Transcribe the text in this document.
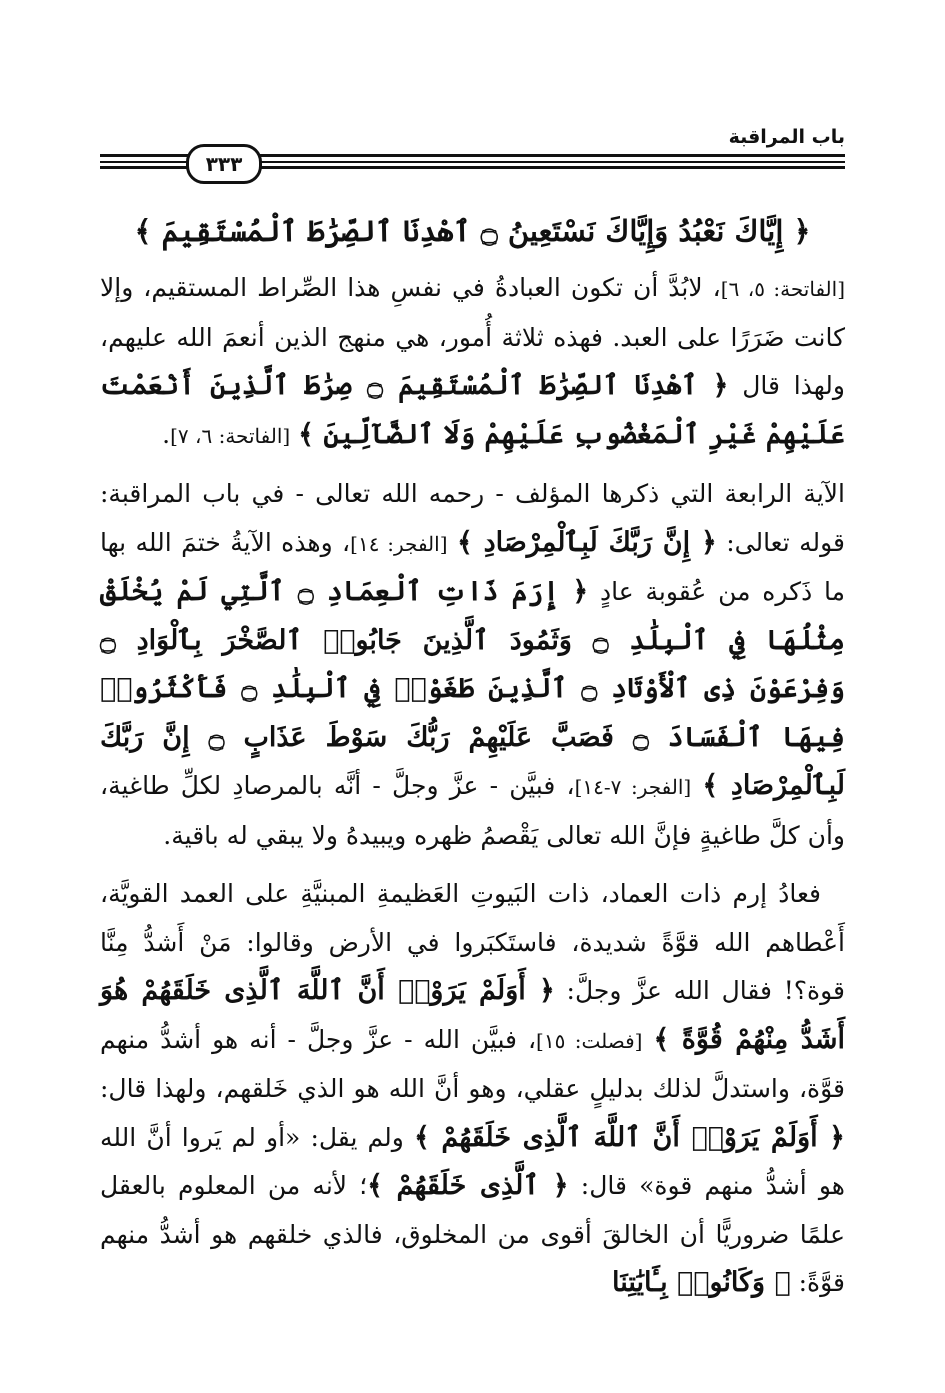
باب المراقبة
٣٣٣
﴿ إِيَّاكَ نَعْبُدُ وَإِيَّاكَ نَسْتَعِينُ ۝ ٱهْدِنَا ٱلصِّرَٰطَ ٱلْمُسْتَقِيمَ ﴾

[الفاتحة: ٥، ٦]، لابُدَّ أن تكون العبادةُ في نفسِ هذا الصِّراط المستقيم، وإلا كانت ضَرَرًا على العبد. فهذه ثلاثة أُمور، هي منهج الذين أنعمَ الله عليهم، ولهذا قال ﴿ ٱهْدِنَا ٱلصِّرَٰطَ ٱلْمُسْتَقِيمَ ۝ صِرَٰطَ ٱلَّذِينَ أَنْعَمْتَ عَلَيْهِمْ غَيْرِ ٱلْمَغْضُوبِ عَلَيْهِمْ وَلَا ٱلضَّآلِّينَ ﴾ [الفاتحة: ٦، ٧].

الآية الرابعة التي ذكرها المؤلف - رحمه الله تعالى - في باب المراقبة: قوله تعالى: ﴿ إِنَّ رَبَّكَ لَبِٱلْمِرْصَادِ ﴾ [الفجر: ١٤]، وهذه الآيةُ ختمَ الله بها ما ذَكره من عُقوبة عادٍ ﴿ إِرَمَ ذَاتِ ٱلْعِمَادِ ۝ ٱلَّتِي لَمْ يُخْلَقْ مِثْلُهَا فِي ٱلْبِلَٰدِ ۝ وَثَمُودَ ٱلَّذِينَ جَابُوا۟ ٱلصَّخْرَ بِٱلْوَادِ ۝ وَفِرْعَوْنَ ذِى ٱلْأَوْتَادِ ۝ ٱلَّذِينَ طَغَوْا۟ فِي ٱلْبِلَٰدِ ۝ فَأَكْثَرُوا۟ فِيهَا ٱلْفَسَادَ ۝ فَصَبَّ عَلَيْهِمْ رَبُّكَ سَوْطَ عَذَابٍ ۝ إِنَّ رَبَّكَ لَبِٱلْمِرْصَادِ ﴾ [الفجر: ٧-١٤]، فبيَّن - عزَّ وجلَّ - أنَّه بالمرصادِ لكلِّ طاغية، وأن كلَّ طاغيةٍ فإنَّ الله تعالى يَقْصمُ ظهره ويبيدهُ ولا يبقي له باقية.

فعادُ إرم ذات العماد، ذات البَيوتِ العَظيمةِ المبنيَّةِ على العمد القويَّة، أَعْطاهم الله قوَّةً شديدة، فاستَكبَروا في الأرض وقالوا: مَنْ أَشدُّ مِنَّا قوة؟! فقال الله عزَّ وجلَّ: ﴿ أَوَلَمْ يَرَوْا۟ أَنَّ ٱللَّهَ ٱلَّذِى خَلَقَهُمْ هُوَ أَشَدُّ مِنْهُمْ قُوَّةً ﴾ [فصلت: ١٥]، فبيَّن الله - عزَّ وجلَّ - أنه هو أشدُّ منهم قوَّة، واستدلَّ لذلك بدليلٍ عقلي، وهو أنَّ الله هو الذي خَلقهم، ولهذا قال: ﴿ أَوَلَمْ يَرَوْا۟ أَنَّ ٱللَّهَ ٱلَّذِى خَلَقَهُمْ ﴾ ولم يقل: «أو لم يَروا أنَّ الله هو أشدُّ منهم قوة» قال: ﴿ ٱلَّذِى خَلَقَهُمْ ﴾؛ لأنه من المعلوم بالعقل علمًا ضروريًّا أن الخالقَ أقوى من المخلوق، فالذي خلقهم هو أشدُّ منهم قوَّةً: ﴿ وَكَانُوا۟ بِـَٔايَٰتِنَا
